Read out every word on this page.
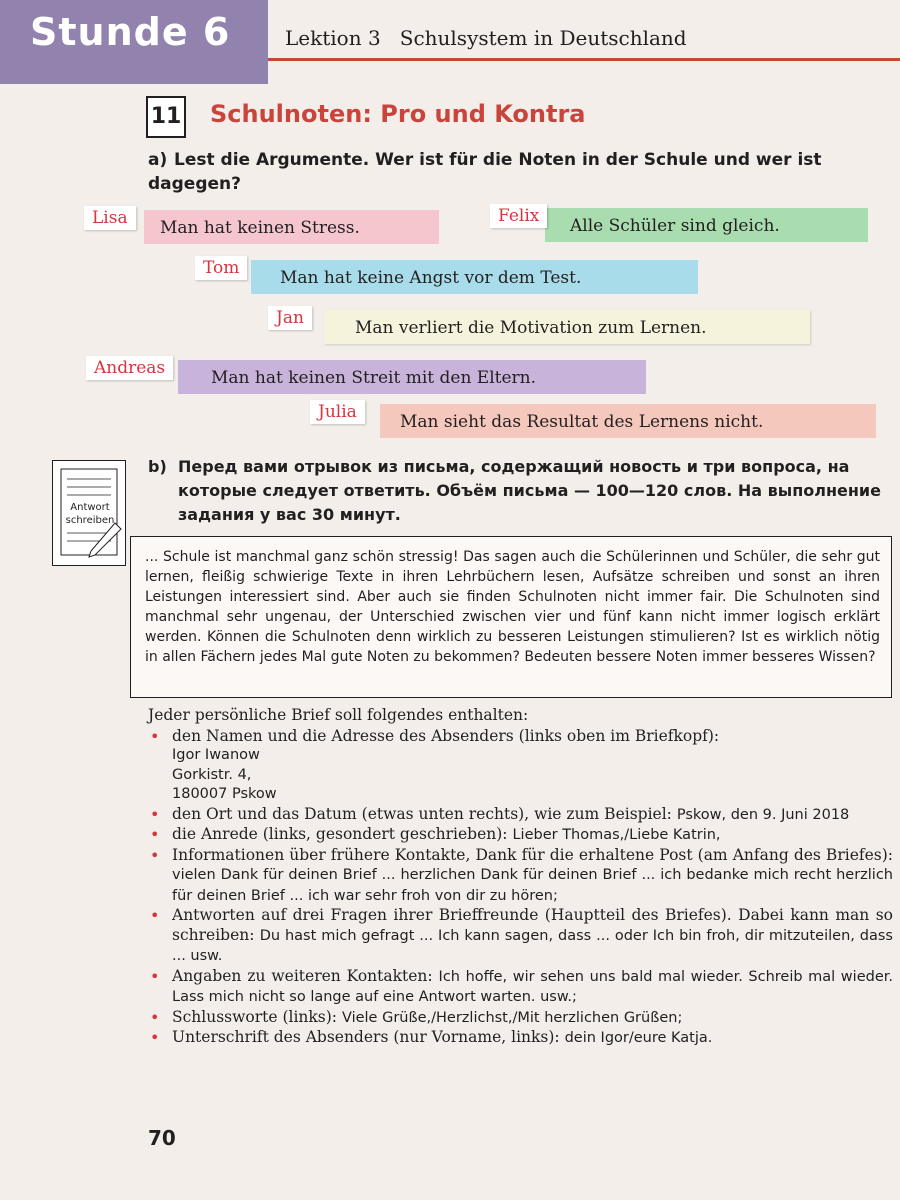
Stunde 6	Lektion 3   Schulsystem in Deutschland
11 Schulnoten: Pro und Kontra
a) Lest die Argumente. Wer ist für die Noten in der Schule und wer ist dagegen?
Lisa	Man hat keinen Stress.
Felix	Alle Schüler sind gleich.
Tom	Man hat keine Angst vor dem Test.
Jan	Man verliert die Motivation zum Lernen.
Andreas	Man hat keinen Streit mit den Eltern.
Julia	Man sieht das Resultat des Lernens nicht.
Antwort schreiben
b) Перед вами отрывок из письма, содержащий новость и три вопроса, на которые следует ответить. Объём письма — 100—120 слов. На выполнение задания у вас 30 минут.
... Schule ist manchmal ganz schön stressig! Das sagen auch die Schülerinnen und Schüler, die sehr gut lernen, fleißig schwierige Texte in ihren Lehrbüchern lesen, Aufsätze schreiben und sonst an ihren Leistungen interessiert sind. Aber auch sie finden Schulnoten nicht immer fair. Die Schulnoten sind manchmal sehr ungenau, der Unterschied zwischen vier und fünf kann nicht immer logisch erklärt werden. Können die Schulnoten denn wirklich zu besseren Leistungen stimulieren? Ist es wirklich nötig in allen Fächern jedes Mal gute Noten zu bekommen? Bedeuten bessere Noten immer besseres Wissen?
Jeder persönliche Brief soll folgendes enthalten:
• den Namen und die Adresse des Absenders (links oben im Briefkopf):
Igor Iwanow
Gorkistr. 4,
180007 Pskow
• den Ort und das Datum (etwas unten rechts), wie zum Beispiel: Pskow, den 9. Juni 2018
• die Anrede (links, gesondert geschrieben): Lieber Thomas,/Liebe Katrin,
• Informationen über frühere Kontakte, Dank für die erhaltene Post (am Anfang des Briefes): vielen Dank für deinen Brief ... herzlichen Dank für deinen Brief ... ich bedanke mich recht herzlich für deinen Brief ... ich war sehr froh von dir zu hören;
• Antworten auf drei Fragen ihrer Brieffreunde (Hauptteil des Briefes). Dabei kann man so schreiben: Du hast mich gefragt ... Ich kann sagen, dass ... oder Ich bin froh, dir mitzuteilen, dass ... usw.
• Angaben zu weiteren Kontakten: Ich hoffe, wir sehen uns bald mal wieder. Schreib mal wieder. Lass mich nicht so lange auf eine Antwort warten. usw.;
• Schlussworte (links): Viele Grüße,/Herzlichst,/Mit herzlichen Grüßen;
• Unterschrift des Absenders (nur Vorname, links): dein Igor/eure Katja.
70
